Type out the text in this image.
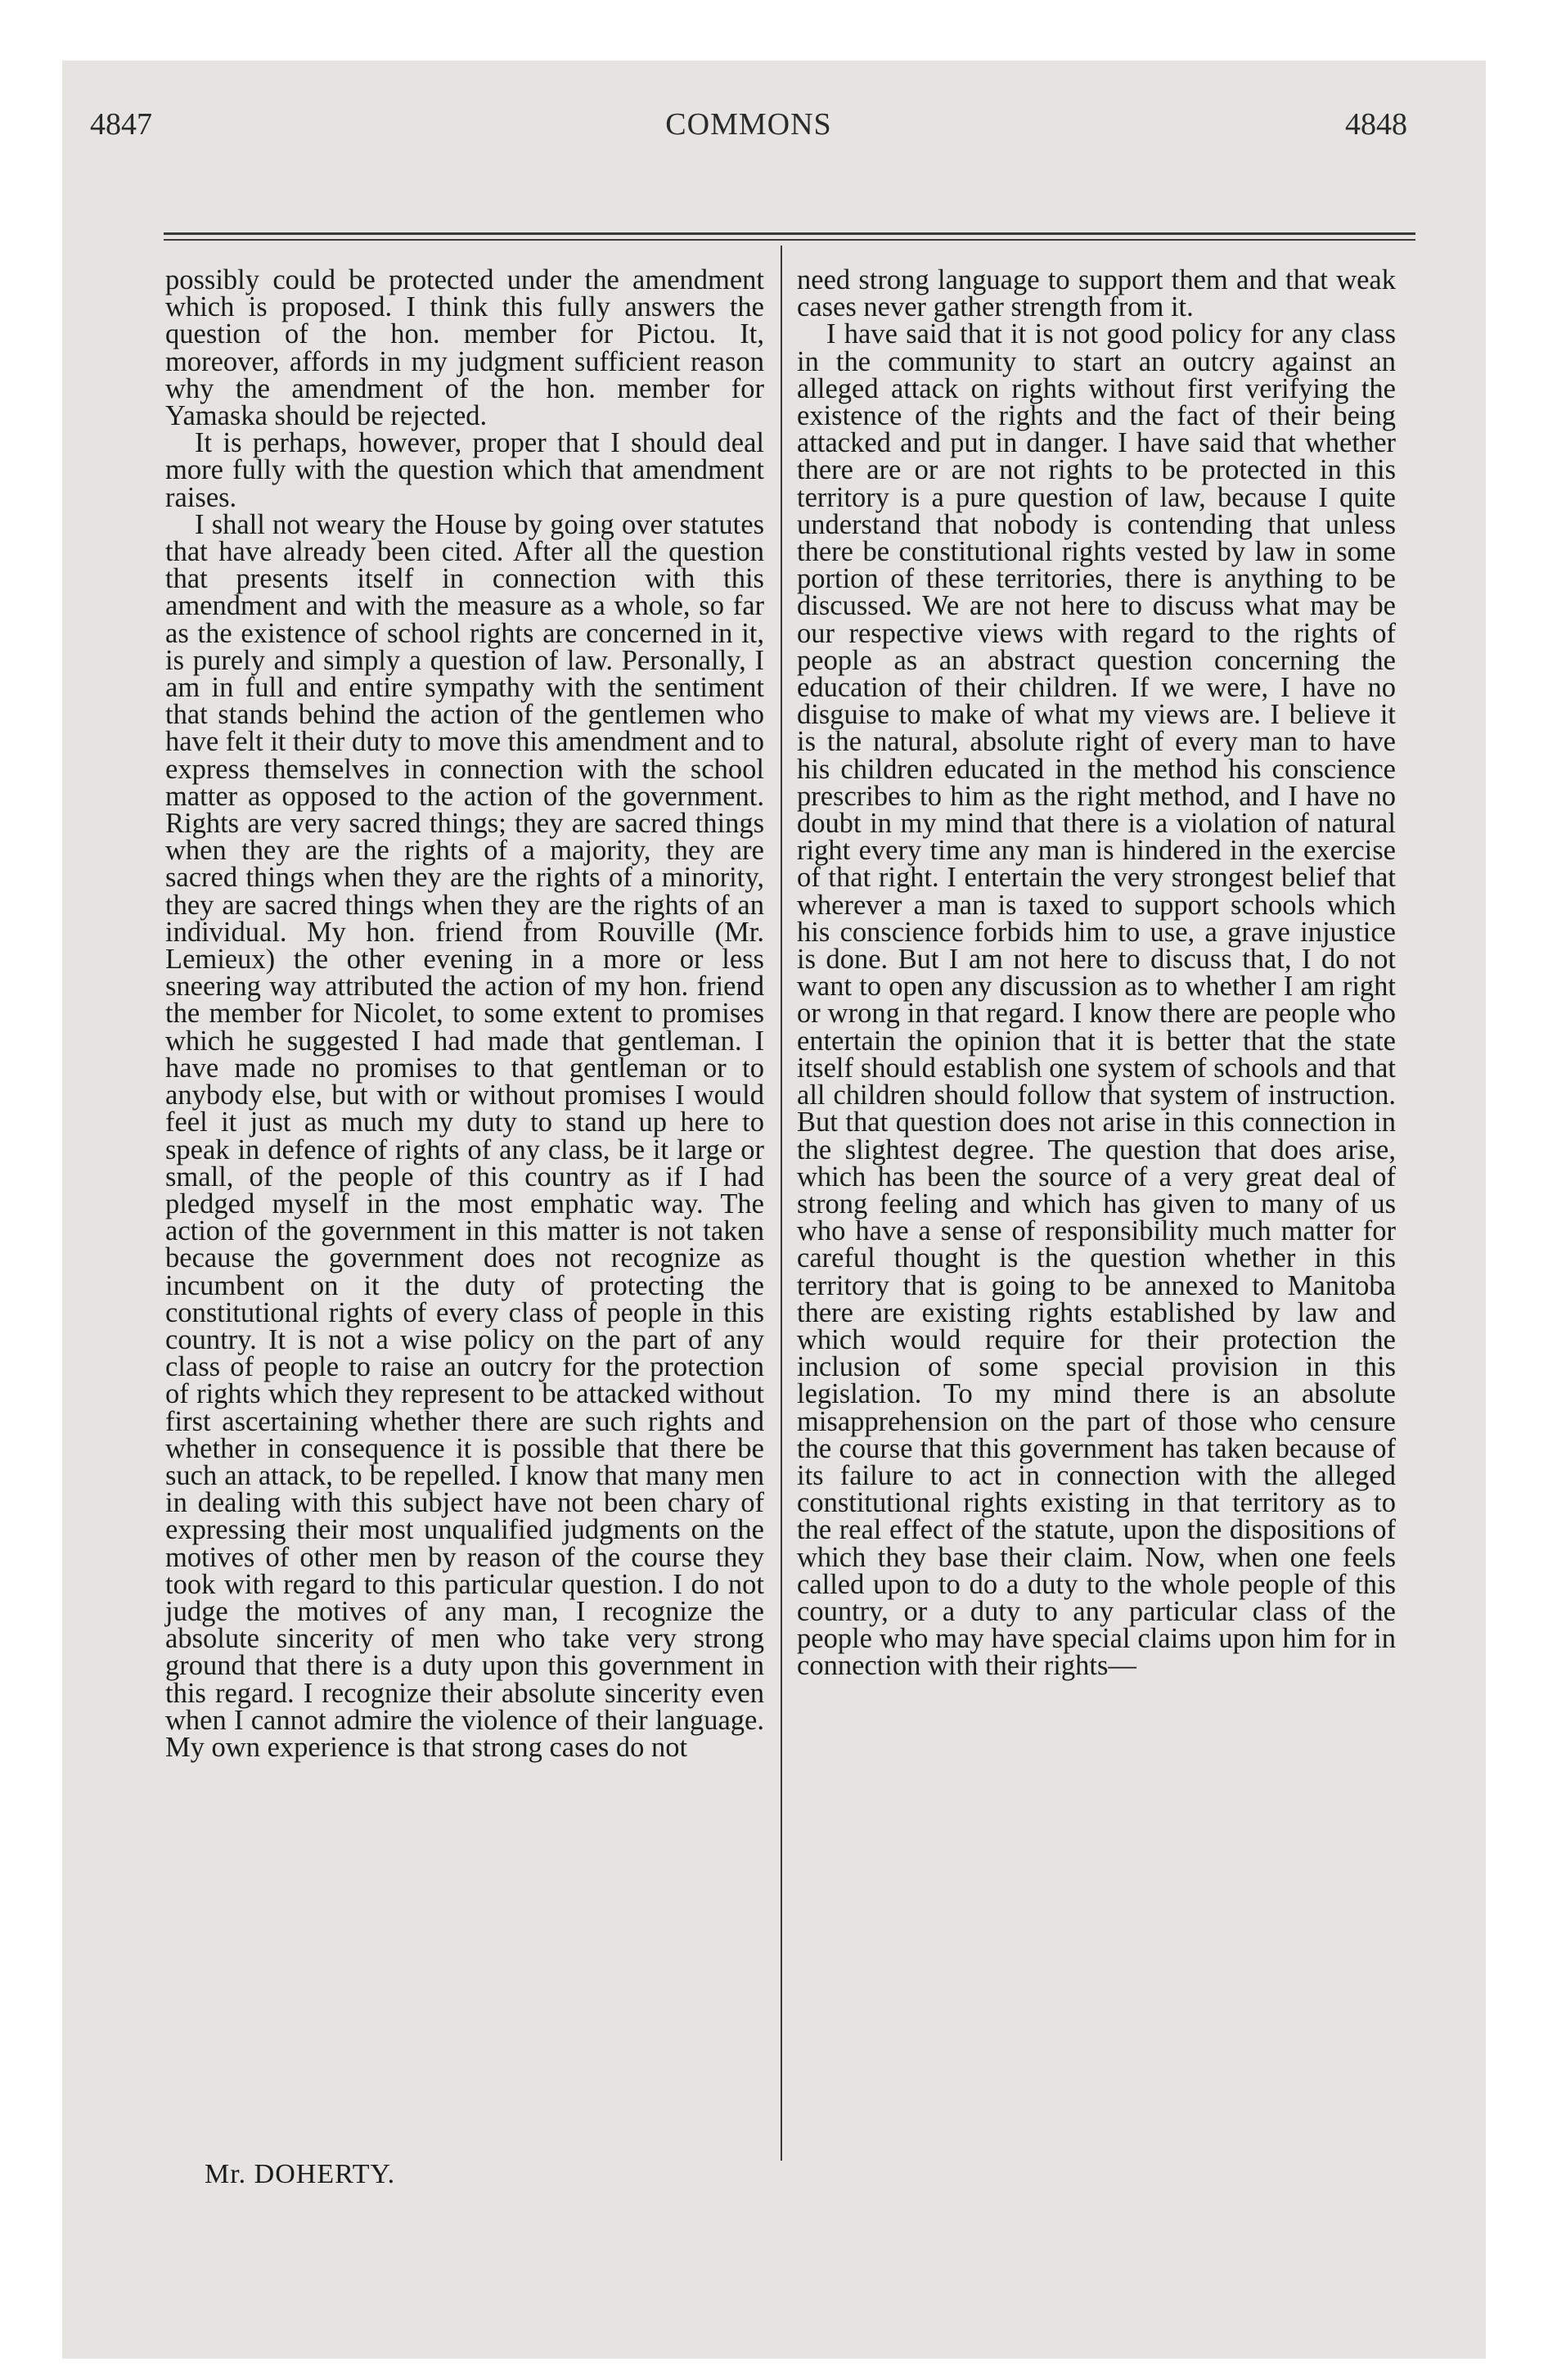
4847	COMMONS	4848

possibly could be protected under the amendment which is proposed. I think this fully answers the question of the hon. member for Pictou. It, moreover, affords in my judgment sufficient reason why the amendment of the hon. member for Yamaska should be rejected.

It is perhaps, however, proper that I should deal more fully with the question which that amendment raises.

I shall not weary the House by going over statutes that have already been cited. After all the question that presents itself in connection with this amendment and with the measure as a whole, so far as the existence of school rights are concerned in it, is purely and simply a question of law. Personally, I am in full and entire sympathy with the sentiment that stands behind the action of the gentlemen who have felt it their duty to move this amendment and to express themselves in connection with the school matter as opposed to the action of the government. Rights are very sacred things; they are sacred things when they are the rights of a majority, they are sacred things when they are the rights of a minority, they are sacred things when they are the rights of an individual. My hon. friend from Rouville (Mr. Lemieux) the other evening in a more or less sneering way attributed the action of my hon. friend the member for Nicolet, to some extent to promises which he suggested I had made that gentleman. I have made no promises to that gentleman or to anybody else, but with or without promises I would feel it just as much my duty to stand up here to speak in defence of rights of any class, be it large or small, of the people of this country as if I had pledged myself in the most emphatic way. The action of the government in this matter is not taken because the government does not recognize as incumbent on it the duty of protecting the constitutional rights of every class of people in this country. It is not a wise policy on the part of any class of people to raise an outcry for the protection of rights which they represent to be attacked without first ascertaining whether there are such rights and whether in consequence it is possible that there be such an attack, to be repelled. I know that many men in dealing with this subject have not been chary of expressing their most unqualified judgments on the motives of other men by reason of the course they took with regard to this particular question. I do not judge the motives of any man, I recognize the absolute sincerity of men who take very strong ground that there is a duty upon this government in this regard. I recognize their absolute sincerity even when I cannot admire the violence of their language. My own experience is that strong cases do not

Mr. DOHERTY.

need strong language to support them and that weak cases never gather strength from it.

I have said that it is not good policy for any class in the community to start an outcry against an alleged attack on rights without first verifying the existence of the rights and the fact of their being attacked and put in danger. I have said that whether there are or are not rights to be protected in this territory is a pure question of law, because I quite understand that nobody is contending that unless there be constitutional rights vested by law in some portion of these territories, there is anything to be discussed. We are not here to discuss what may be our respective views with regard to the rights of people as an abstract question concerning the education of their children. If we were, I have no disguise to make of what my views are. I believe it is the natural, absolute right of every man to have his children educated in the method his conscience prescribes to him as the right method, and I have no doubt in my mind that there is a violation of natural right every time any man is hindered in the exercise of that right. I entertain the very strongest belief that wherever a man is taxed to support schools which his conscience forbids him to use, a grave injustice is done. But I am not here to discuss that, I do not want to open any discussion as to whether I am right or wrong in that regard. I know there are people who entertain the opinion that it is better that the state itself should establish one system of schools and that all children should follow that system of instruction. But that question does not arise in this connection in the slightest degree. The question that does arise, which has been the source of a very great deal of strong feeling and which has given to many of us who have a sense of responsibility much matter for careful thought is the question whether in this territory that is going to be annexed to Manitoba there are existing rights established by law and which would require for their protection the inclusion of some special provision in this legislation. To my mind there is an absolute misapprehension on the part of those who censure the course that this government has taken because of its failure to act in connection with the alleged constitutional rights existing in that territory as to the real effect of the statute, upon the dispositions of which they base their claim. Now, when one feels called upon to do a duty to the whole people of this country, or a duty to any particular class of the people who may have special claims upon him for in connection with their rights—
